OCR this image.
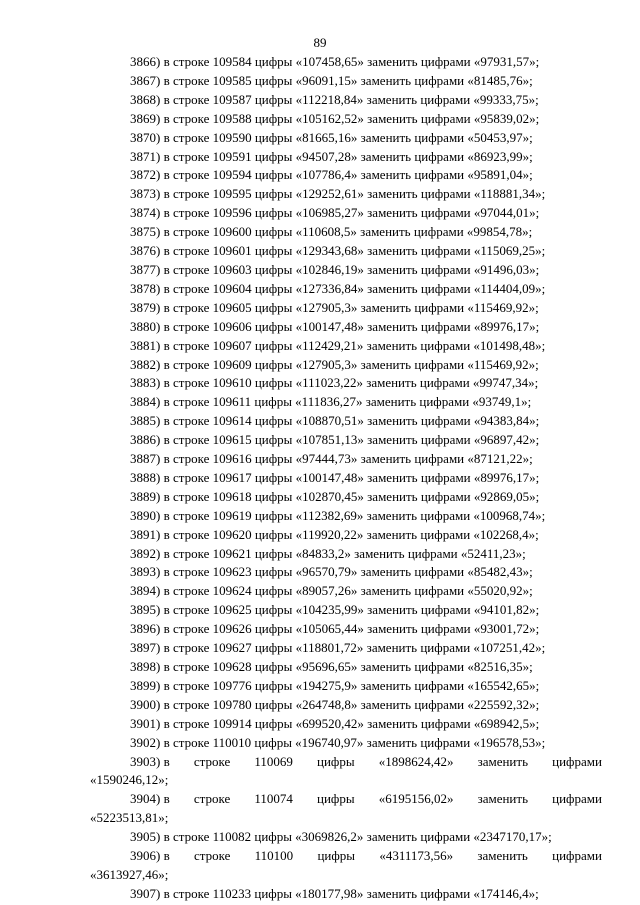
89
3866) в строке 109584 цифры «107458,65» заменить цифрами «97931,57»;
3867) в строке 109585 цифры «96091,15» заменить цифрами «81485,76»;
3868) в строке 109587 цифры «112218,84» заменить цифрами «99333,75»;
3869) в строке 109588 цифры «105162,52» заменить цифрами «95839,02»;
3870) в строке 109590 цифры «81665,16» заменить цифрами «50453,97»;
3871) в строке 109591 цифры «94507,28» заменить цифрами «86923,99»;
3872) в строке 109594 цифры «107786,4» заменить цифрами «95891,04»;
3873) в строке 109595 цифры «129252,61» заменить цифрами «118881,34»;
3874) в строке 109596 цифры «106985,27» заменить цифрами «97044,01»;
3875) в строке 109600 цифры «110608,5» заменить цифрами «99854,78»;
3876) в строке 109601 цифры «129343,68» заменить цифрами «115069,25»;
3877) в строке 109603 цифры «102846,19» заменить цифрами «91496,03»;
3878) в строке 109604 цифры «127336,84» заменить цифрами «114404,09»;
3879) в строке 109605 цифры «127905,3» заменить цифрами «115469,92»;
3880) в строке 109606 цифры «100147,48» заменить цифрами «89976,17»;
3881) в строке 109607 цифры «112429,21» заменить цифрами «101498,48»;
3882) в строке 109609 цифры «127905,3» заменить цифрами «115469,92»;
3883) в строке 109610 цифры «111023,22» заменить цифрами «99747,34»;
3884) в строке 109611 цифры «111836,27» заменить цифрами «93749,1»;
3885) в строке 109614 цифры «108870,51» заменить цифрами «94383,84»;
3886) в строке 109615 цифры «107851,13» заменить цифрами «96897,42»;
3887) в строке 109616 цифры «97444,73» заменить цифрами «87121,22»;
3888) в строке 109617 цифры «100147,48» заменить цифрами «89976,17»;
3889) в строке 109618 цифры «102870,45» заменить цифрами «92869,05»;
3890) в строке 109619 цифры «112382,69» заменить цифрами «100968,74»;
3891) в строке 109620 цифры «119920,22» заменить цифрами «102268,4»;
3892) в строке 109621 цифры «84833,2» заменить цифрами «52411,23»;
3893) в строке 109623 цифры «96570,79» заменить цифрами «85482,43»;
3894) в строке 109624 цифры «89057,26» заменить цифрами «55020,92»;
3895) в строке 109625 цифры «104235,99» заменить цифрами «94101,82»;
3896) в строке 109626 цифры «105065,44» заменить цифрами «93001,72»;
3897) в строке 109627 цифры «118801,72» заменить цифрами «107251,42»;
3898) в строке 109628 цифры «95696,65» заменить цифрами «82516,35»;
3899) в строке 109776 цифры «194275,9» заменить цифрами «165542,65»;
3900) в строке 109780 цифры «264748,8» заменить цифрами «225592,32»;
3901) в строке 109914 цифры «699520,42» заменить цифрами «698942,5»;
3902) в строке 110010 цифры «196740,97» заменить цифрами «196578,53»;
3903) в строке 110069 цифры «1898624,42» заменить цифрами
«1590246,12»;
3904) в строке 110074 цифры «6195156,02» заменить цифрами
«5223513,81»;
3905) в строке 110082 цифры «3069826,2» заменить цифрами «2347170,17»;
3906) в строке 110100 цифры «4311173,56» заменить цифрами
«3613927,46»;
3907) в строке 110233 цифры «180177,98» заменить цифрами «174146,4»;
